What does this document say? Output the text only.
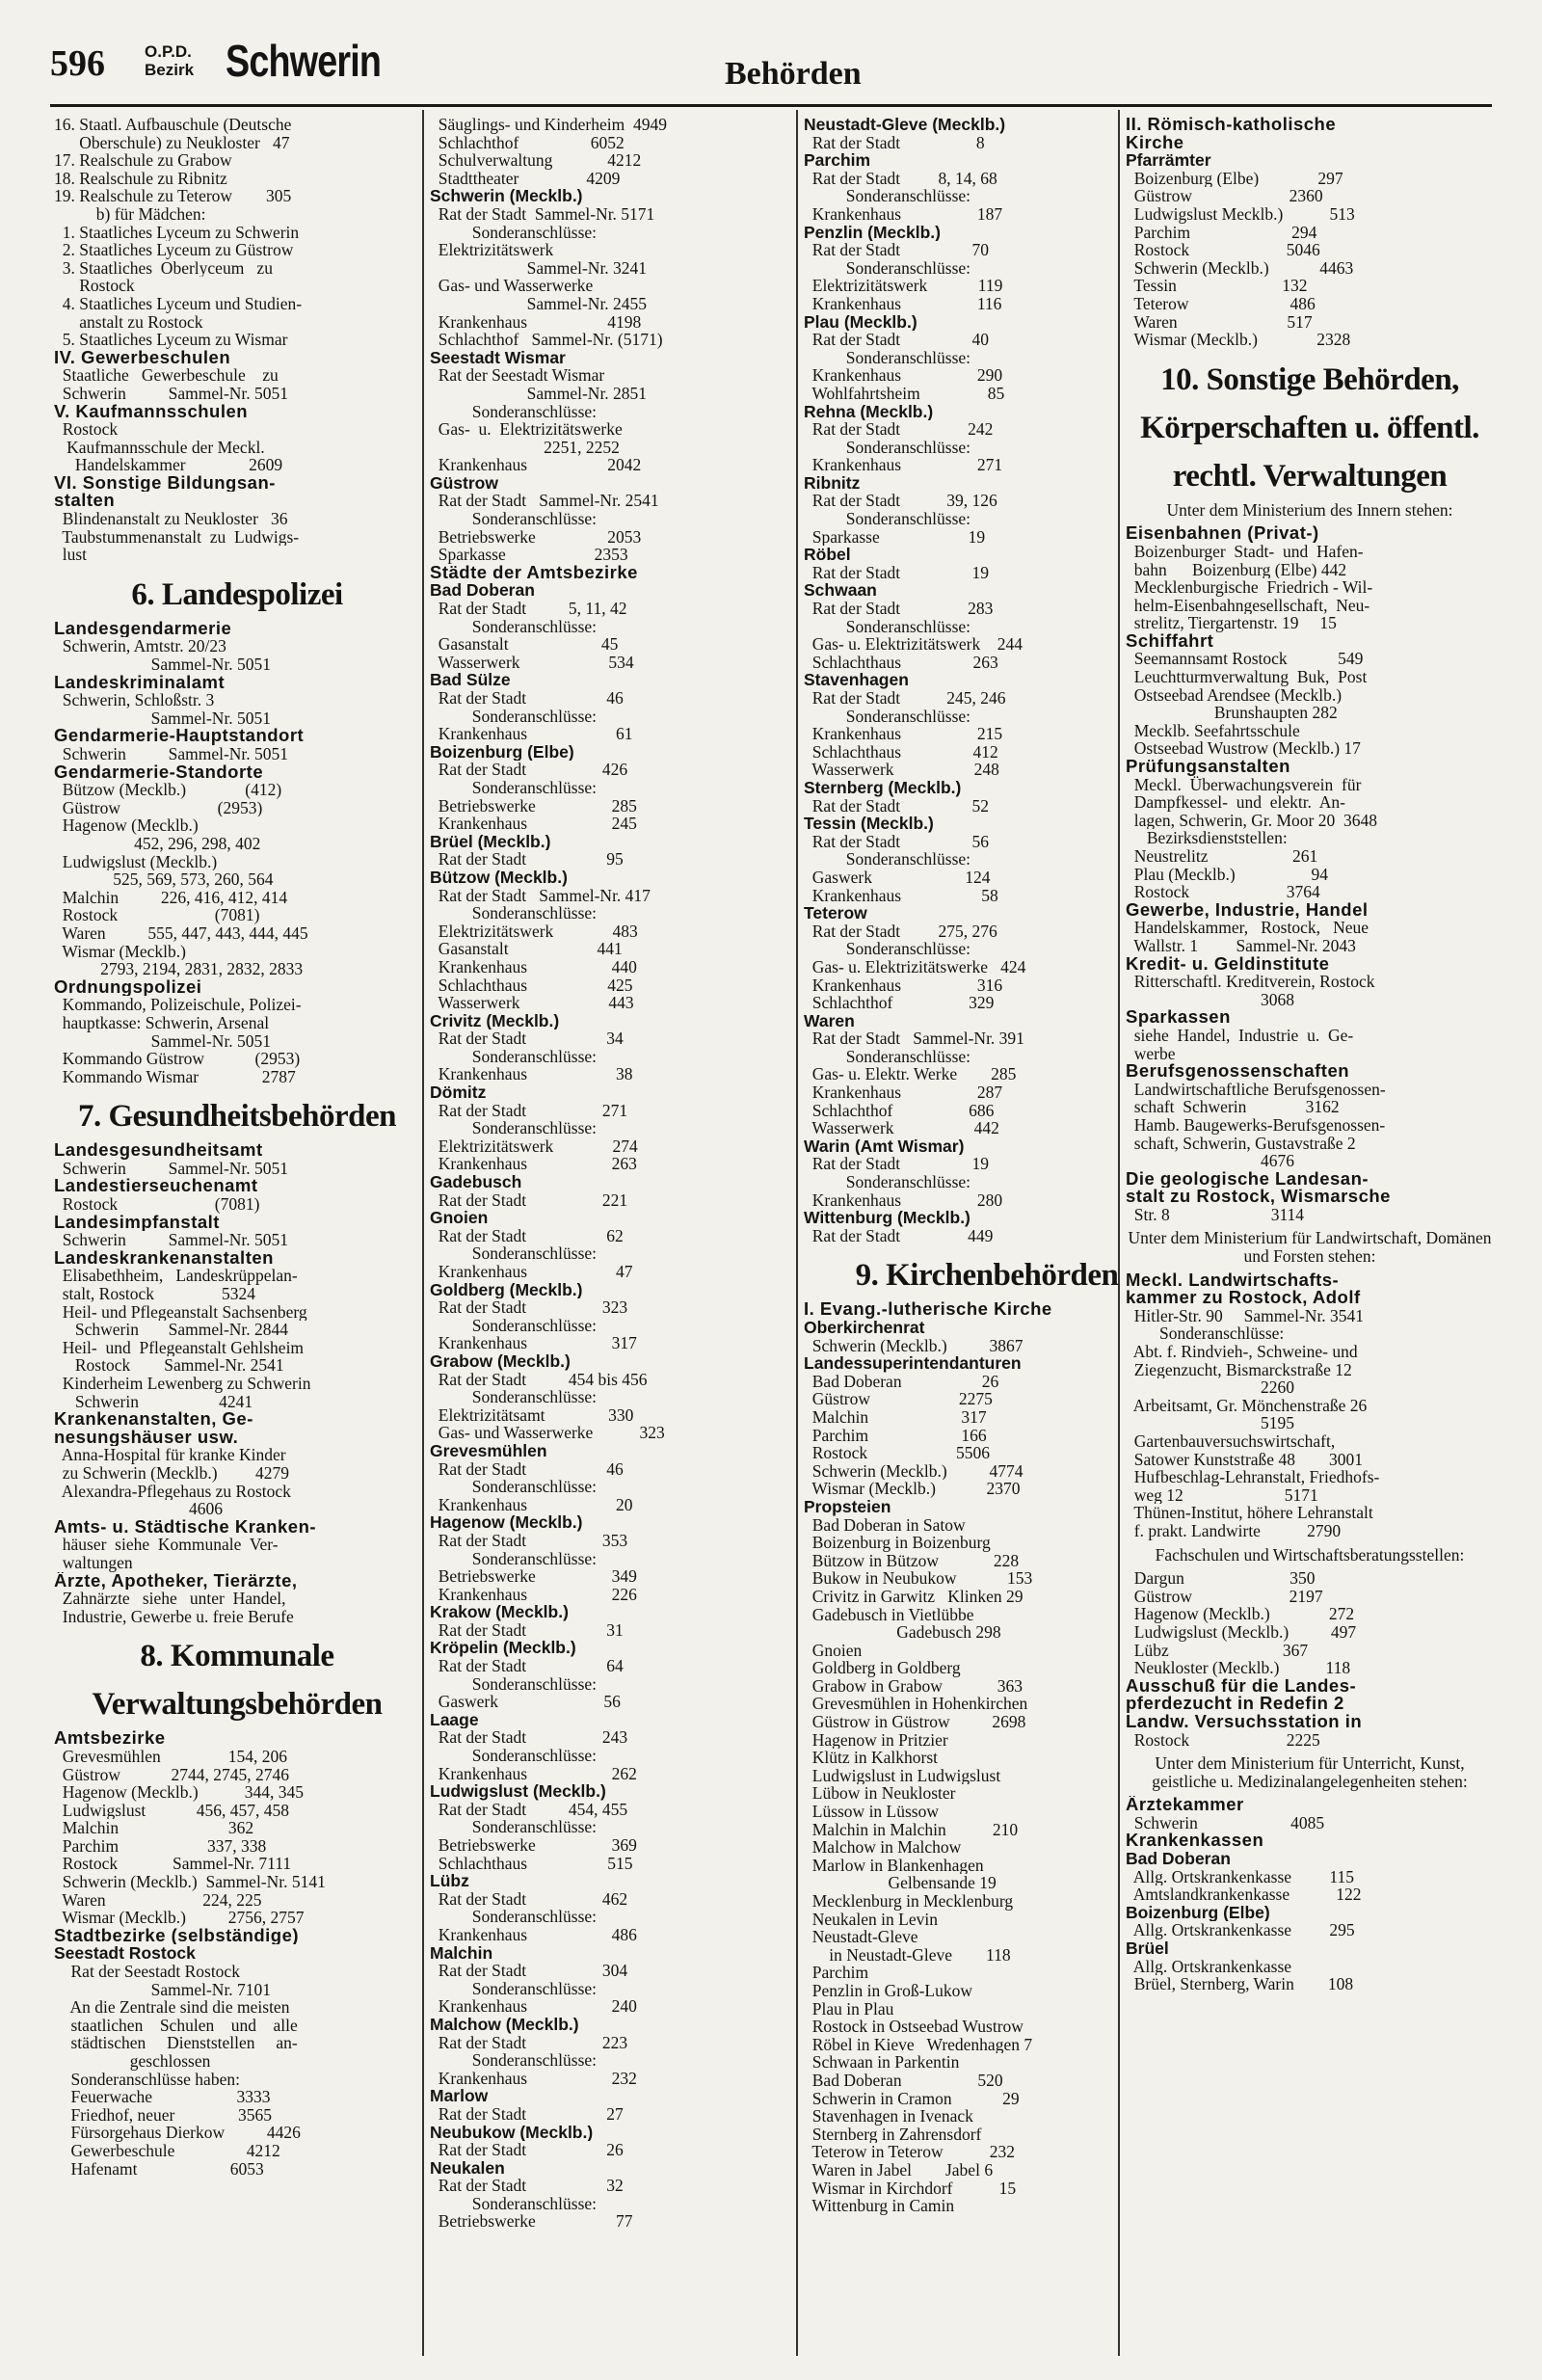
596 O.P.D.
Bezirk Schwerin	Behörden
16. Staatl. Aufbauschule (Deutsche
Oberschule) zu Neukloster   47
17. Realschule zu Grabow
18. Realschule zu Ribnitz
19. Realschule zu Teterow        305
b) für Mädchen:
1. Staatliches Lyceum zu Schwerin
2. Staatliches Lyceum zu Güstrow
3. Staatliches  Oberlyceum   zu
Rostock
4. Staatliches Lyceum und Studien-
anstalt zu Rostock
5. Staatliches Lyceum zu Wismar
IV. Gewerbeschulen
Staatliche   Gewerbeschule    zu
Schwerin          Sammel-Nr. 5051
V. Kaufmannsschulen
Rostock
Kaufmannsschule der Meckl.
Handelskammer               2609
VI. Sonstige Bildungsan-
stalten
Blindenanstalt zu Neukloster   36
Taubstummenanstalt  zu  Ludwigs-
lust
6. Landespolizei
Landesgendarmerie
Schwerin, Amtstr. 20/23
Sammel-Nr. 5051
Landeskriminalamt
Schwerin, Schloßstr. 3
Sammel-Nr. 5051
Gendarmerie-Hauptstandort
Schwerin          Sammel-Nr. 5051
Gendarmerie-Standorte
Bützow (Mecklb.)              (412)
Güstrow                       (2953)
Hagenow (Mecklb.)
452, 296, 298, 402
Ludwigslust (Mecklb.)
525, 569, 573, 260, 564
Malchin          226, 416, 412, 414
Rostock                       (7081)
Waren          555, 447, 443, 444, 445
Wismar (Mecklb.)
2793, 2194, 2831, 2832, 2833
Ordnungspolizei
Kommando, Polizeischule, Polizei-
hauptkasse: Schwerin, Arsenal
Sammel-Nr. 5051
Kommando Güstrow            (2953)
Kommando Wismar               2787
7. Gesundheitsbehörden
Landesgesundheitsamt
Schwerin          Sammel-Nr. 5051
Landestierseuchenamt
Rostock                       (7081)
Landesimpfanstalt
Schwerin          Sammel-Nr. 5051
Landeskrankenanstalten
Elisabethheim,   Landeskrüppelan-
stalt, Rostock                5324
Heil- und Pflegeanstalt Sachsenberg
Schwerin       Sammel-Nr. 2844
Heil-  und  Pflegeanstalt Gehlsheim
Rostock        Sammel-Nr. 2541
Kinderheim Lewenberg zu Schwerin
Schwerin                   4241
Krankenanstalten, Ge-
nesungshäuser usw.
Anna-Hospital für kranke Kinder
zu Schwerin (Mecklb.)         4279
Alexandra-Pflegehaus zu Rostock
4606
Amts- u. Städtische Kranken-
häuser  siehe  Kommunale  Ver-
waltungen
Ärzte, Apotheker, Tierärzte,
Zahnärzte   siehe   unter  Handel,
Industrie, Gewerbe u. freie Berufe
8. Kommunale
Verwaltungsbehörden
Amtsbezirke
Grevesmühlen                154, 206
Güstrow            2744, 2745, 2746
Hagenow (Mecklb.)           344, 345
Ludwigslust            456, 457, 458
Malchin                          362
Parchim                     337, 338
Rostock             Sammel-Nr. 7111
Schwerin (Mecklb.)  Sammel-Nr. 5141
Waren                       224, 225
Wismar (Mecklb.)          2756, 2757
Stadtbezirke (selbständige)
Seestadt Rostock
Rat der Seestadt Rostock
Sammel-Nr. 7101
An die Zentrale sind die meisten
staatlichen    Schulen    und    alle
städtischen     Dienststellen     an-
geschlossen
Sonderanschlüsse haben:
Feuerwache                    3333
Friedhof, neuer               3565
Fürsorgehaus Dierkow          4426
Gewerbeschule                 4212
Hafenamt                      6053
Säuglings- und Kinderheim  4949
Schlachthof                 6052
Schulverwaltung             4212
Stadttheater                4209
Schwerin (Mecklb.)
Rat der Stadt  Sammel-Nr. 5171
Sonderanschlüsse:
Elektrizitätswerk
Sammel-Nr. 3241
Gas- und Wasserwerke
Sammel-Nr. 2455
Krankenhaus                   4198
Schlachthof   Sammel-Nr. (5171)
Seestadt Wismar
Rat der Seestadt Wismar
Sammel-Nr. 2851
Sonderanschlüsse:
Gas-  u.  Elektrizitätswerke
2251, 2252
Krankenhaus                   2042
Güstrow
Rat der Stadt   Sammel-Nr. 2541
Sonderanschlüsse:
Betriebswerke                 2053
Sparkasse                     2353
Städte der Amtsbezirke
Bad Doberan
Rat der Stadt          5, 11, 42
Sonderanschlüsse:
Gasanstalt                      45
Wasserwerk                     534
Bad Sülze
Rat der Stadt                   46
Sonderanschlüsse:
Krankenhaus                     61
Boizenburg (Elbe)
Rat der Stadt                  426
Sonderanschlüsse:
Betriebswerke                  285
Krankenhaus                    245
Brüel (Mecklb.)
Rat der Stadt                   95
Bützow (Mecklb.)
Rat der Stadt   Sammel-Nr. 417
Sonderanschlüsse:
Elektrizitätswerk              483
Gasanstalt                     441
Krankenhaus                    440
Schlachthaus                   425
Wasserwerk                     443
Crivitz (Mecklb.)
Rat der Stadt                   34
Sonderanschlüsse:
Krankenhaus                     38
Dömitz
Rat der Stadt                  271
Sonderanschlüsse:
Elektrizitätswerk              274
Krankenhaus                    263
Gadebusch
Rat der Stadt                  221
Gnoien
Rat der Stadt                   62
Sonderanschlüsse:
Krankenhaus                     47
Goldberg (Mecklb.)
Rat der Stadt                  323
Sonderanschlüsse:
Krankenhaus                    317
Grabow (Mecklb.)
Rat der Stadt          454 bis 456
Sonderanschlüsse:
Elektrizitätsamt               330
Gas- und Wasserwerke           323
Grevesmühlen
Rat der Stadt                   46
Sonderanschlüsse:
Krankenhaus                     20
Hagenow (Mecklb.)
Rat der Stadt                  353
Sonderanschlüsse:
Betriebswerke                  349
Krankenhaus                    226
Krakow (Mecklb.)
Rat der Stadt                   31
Kröpelin (Mecklb.)
Rat der Stadt                   64
Sonderanschlüsse:
Gaswerk                         56
Laage
Rat der Stadt                  243
Sonderanschlüsse:
Krankenhaus                    262
Ludwigslust (Mecklb.)
Rat der Stadt          454, 455
Sonderanschlüsse:
Betriebswerke                  369
Schlachthaus                   515
Lübz
Rat der Stadt                  462
Sonderanschlüsse:
Krankenhaus                    486
Malchin
Rat der Stadt                  304
Sonderanschlüsse:
Krankenhaus                    240
Malchow (Mecklb.)
Rat der Stadt                  223
Sonderanschlüsse:
Krankenhaus                    232
Marlow
Rat der Stadt                   27
Neubukow (Mecklb.)
Rat der Stadt                   26
Neukalen
Rat der Stadt                   32
Sonderanschlüsse:
Betriebswerke                   77
Neustadt-Gleve (Mecklb.)
Rat der Stadt                  8
Parchim
Rat der Stadt         8, 14, 68
Sonderanschlüsse:
Krankenhaus                  187
Penzlin (Mecklb.)
Rat der Stadt                 70
Sonderanschlüsse:
Elektrizitätswerk            119
Krankenhaus                  116
Plau (Mecklb.)
Rat der Stadt                 40
Sonderanschlüsse:
Krankenhaus                  290
Wohlfahrtsheim                85
Rehna (Mecklb.)
Rat der Stadt                242
Sonderanschlüsse:
Krankenhaus                  271
Ribnitz
Rat der Stadt           39, 126
Sonderanschlüsse:
Sparkasse                     19
Röbel
Rat der Stadt                 19
Schwaan
Rat der Stadt                283
Sonderanschlüsse:
Gas- u. Elektrizitätswerk    244
Schlachthaus                 263
Stavenhagen
Rat der Stadt           245, 246
Sonderanschlüsse:
Krankenhaus                  215
Schlachthaus                 412
Wasserwerk                   248
Sternberg (Mecklb.)
Rat der Stadt                 52
Tessin (Mecklb.)
Rat der Stadt                 56
Sonderanschlüsse:
Gaswerk                      124
Krankenhaus                   58
Teterow
Rat der Stadt         275, 276
Sonderanschlüsse:
Gas- u. Elektrizitätswerke   424
Krankenhaus                  316
Schlachthof                  329
Waren
Rat der Stadt   Sammel-Nr. 391
Sonderanschlüsse:
Gas- u. Elektr. Werke        285
Krankenhaus                  287
Schlachthof                  686
Wasserwerk                   442
Warin (Amt Wismar)
Rat der Stadt                 19
Sonderanschlüsse:
Krankenhaus                  280
Wittenburg (Mecklb.)
Rat der Stadt                449
9. Kirchenbehörden
I. Evang.-lutherische Kirche
Oberkirchenrat
Schwerin (Mecklb.)          3867
Landessuperintendanturen
Bad Doberan                   26
Güstrow                     2275
Malchin                      317
Parchim                      166
Rostock                     5506
Schwerin (Mecklb.)          4774
Wismar (Mecklb.)            2370
Propsteien
Bad Doberan in Satow
Boizenburg in Boizenburg
Bützow in Bützow             228
Bukow in Neubukow            153
Crivitz in Garwitz   Klinken 29
Gadebusch in Vietlübbe
Gadebusch 298
Gnoien
Goldberg in Goldberg
Grabow in Grabow             363
Grevesmühlen in Hohenkirchen
Güstrow in Güstrow          2698
Hagenow in Pritzier
Klütz in Kalkhorst
Ludwigslust in Ludwigslust
Lübow in Neukloster
Lüssow in Lüssow
Malchin in Malchin           210
Malchow in Malchow
Marlow in Blankenhagen
Gelbensande 19
Mecklenburg in Mecklenburg
Neukalen in Levin
Neustadt-Gleve
in Neustadt-Gleve        118
Parchim
Penzlin in Groß-Lukow
Plau in Plau
Rostock in Ostseebad Wustrow
Röbel in Kieve   Wredenhagen 7
Schwaan in Parkentin
Bad Doberan                  520
Schwerin in Cramon            29
Stavenhagen in Ivenack
Sternberg in Zahrensdorf
Teterow in Teterow           232
Waren in Jabel        Jabel 6
Wismar in Kirchdorf           15
Wittenburg in Camin
II. Römisch-katholische
Kirche
Pfarrämter
Boizenburg (Elbe)              297
Güstrow                       2360
Ludwigslust Mecklb.)           513
Parchim                        294
Rostock                       5046
Schwerin (Mecklb.)            4463
Tessin                         132
Teterow                        486
Waren                          517
Wismar (Mecklb.)              2328
10. Sonstige Behörden,
Körperschaften u. öffentl.
rechtl. Verwaltungen
Unter dem Ministerium des Innern stehen:
Eisenbahnen (Privat-)
Boizenburger  Stadt-  und  Hafen-
bahn      Boizenburg (Elbe) 442
Mecklenburgische  Friedrich - Wil-
helm-Eisenbahngesellschaft,  Neu-
strelitz, Tiergartenstr. 19     15
Schiffahrt
Seemannsamt Rostock            549
Leuchtturmverwaltung  Buk,  Post
Ostseebad Arendsee (Mecklb.)
Brunshaupten 282
Mecklb. Seefahrtsschule
Ostseebad Wustrow (Mecklb.) 17
Prüfungsanstalten
Meckl.  Überwachungsverein  für
Dampfkessel-  und  elektr.  An-
lagen, Schwerin, Gr. Moor 20  3648
Bezirksdienststellen:
Neustrelitz                    261
Plau (Mecklb.)                  94
Rostock                       3764
Gewerbe, Industrie, Handel
Handelskammer,   Rostock,   Neue
Wallstr. 1         Sammel-Nr. 2043
Kredit- u. Geldinstitute
Ritterschaftl. Kreditverein, Rostock
3068
Sparkassen
siehe  Handel,  Industrie  u.  Ge-
werbe
Berufsgenossenschaften
Landwirtschaftliche Berufsgenossen-
schaft  Schwerin              3162
Hamb. Baugewerks-Berufsgenossen-
schaft, Schwerin, Gustavstraße 2
4676
Die geologische Landesan-
stalt zu Rostock, Wismarsche
Str. 8                        3114
Unter dem Ministerium für Landwirtschaft, Domänen und Forsten stehen:
Meckl. Landwirtschafts-
kammer zu Rostock, Adolf
Hitler-Str. 90     Sammel-Nr. 3541
Sonderanschlüsse:
Abt. f. Rindvieh-, Schweine- und
Ziegenzucht, Bismarckstraße 12
2260
Arbeitsamt, Gr. Mönchenstraße 26
5195
Gartenbauversuchswirtschaft,
Satower Kunststraße 48        3001
Hufbeschlag-Lehranstalt, Friedhofs-
weg 12                        5171
Thünen-Institut, höhere Lehranstalt
f. prakt. Landwirte           2790
Fachschulen und Wirtschaftsberatungsstellen:
Dargun                         350
Güstrow                       2197
Hagenow (Mecklb.)              272
Ludwigslust (Mecklb.)          497
Lübz                           367
Neukloster (Mecklb.)           118
Ausschuß für die Landes-
pferdezucht in Redefin 2
Landw. Versuchsstation in
Rostock                       2225
Unter dem Ministerium für Unterricht, Kunst, geistliche u. Medizinalangelegenheiten stehen:
Ärztekammer
Schwerin                      4085
Krankenkassen
Bad Doberan
Allg. Ortskrankenkasse         115
Amtslandkrankenkasse           122
Boizenburg (Elbe)
Allg. Ortskrankenkasse         295
Brüel
Allg. Ortskrankenkasse
Brüel, Sternberg, Warin        108
